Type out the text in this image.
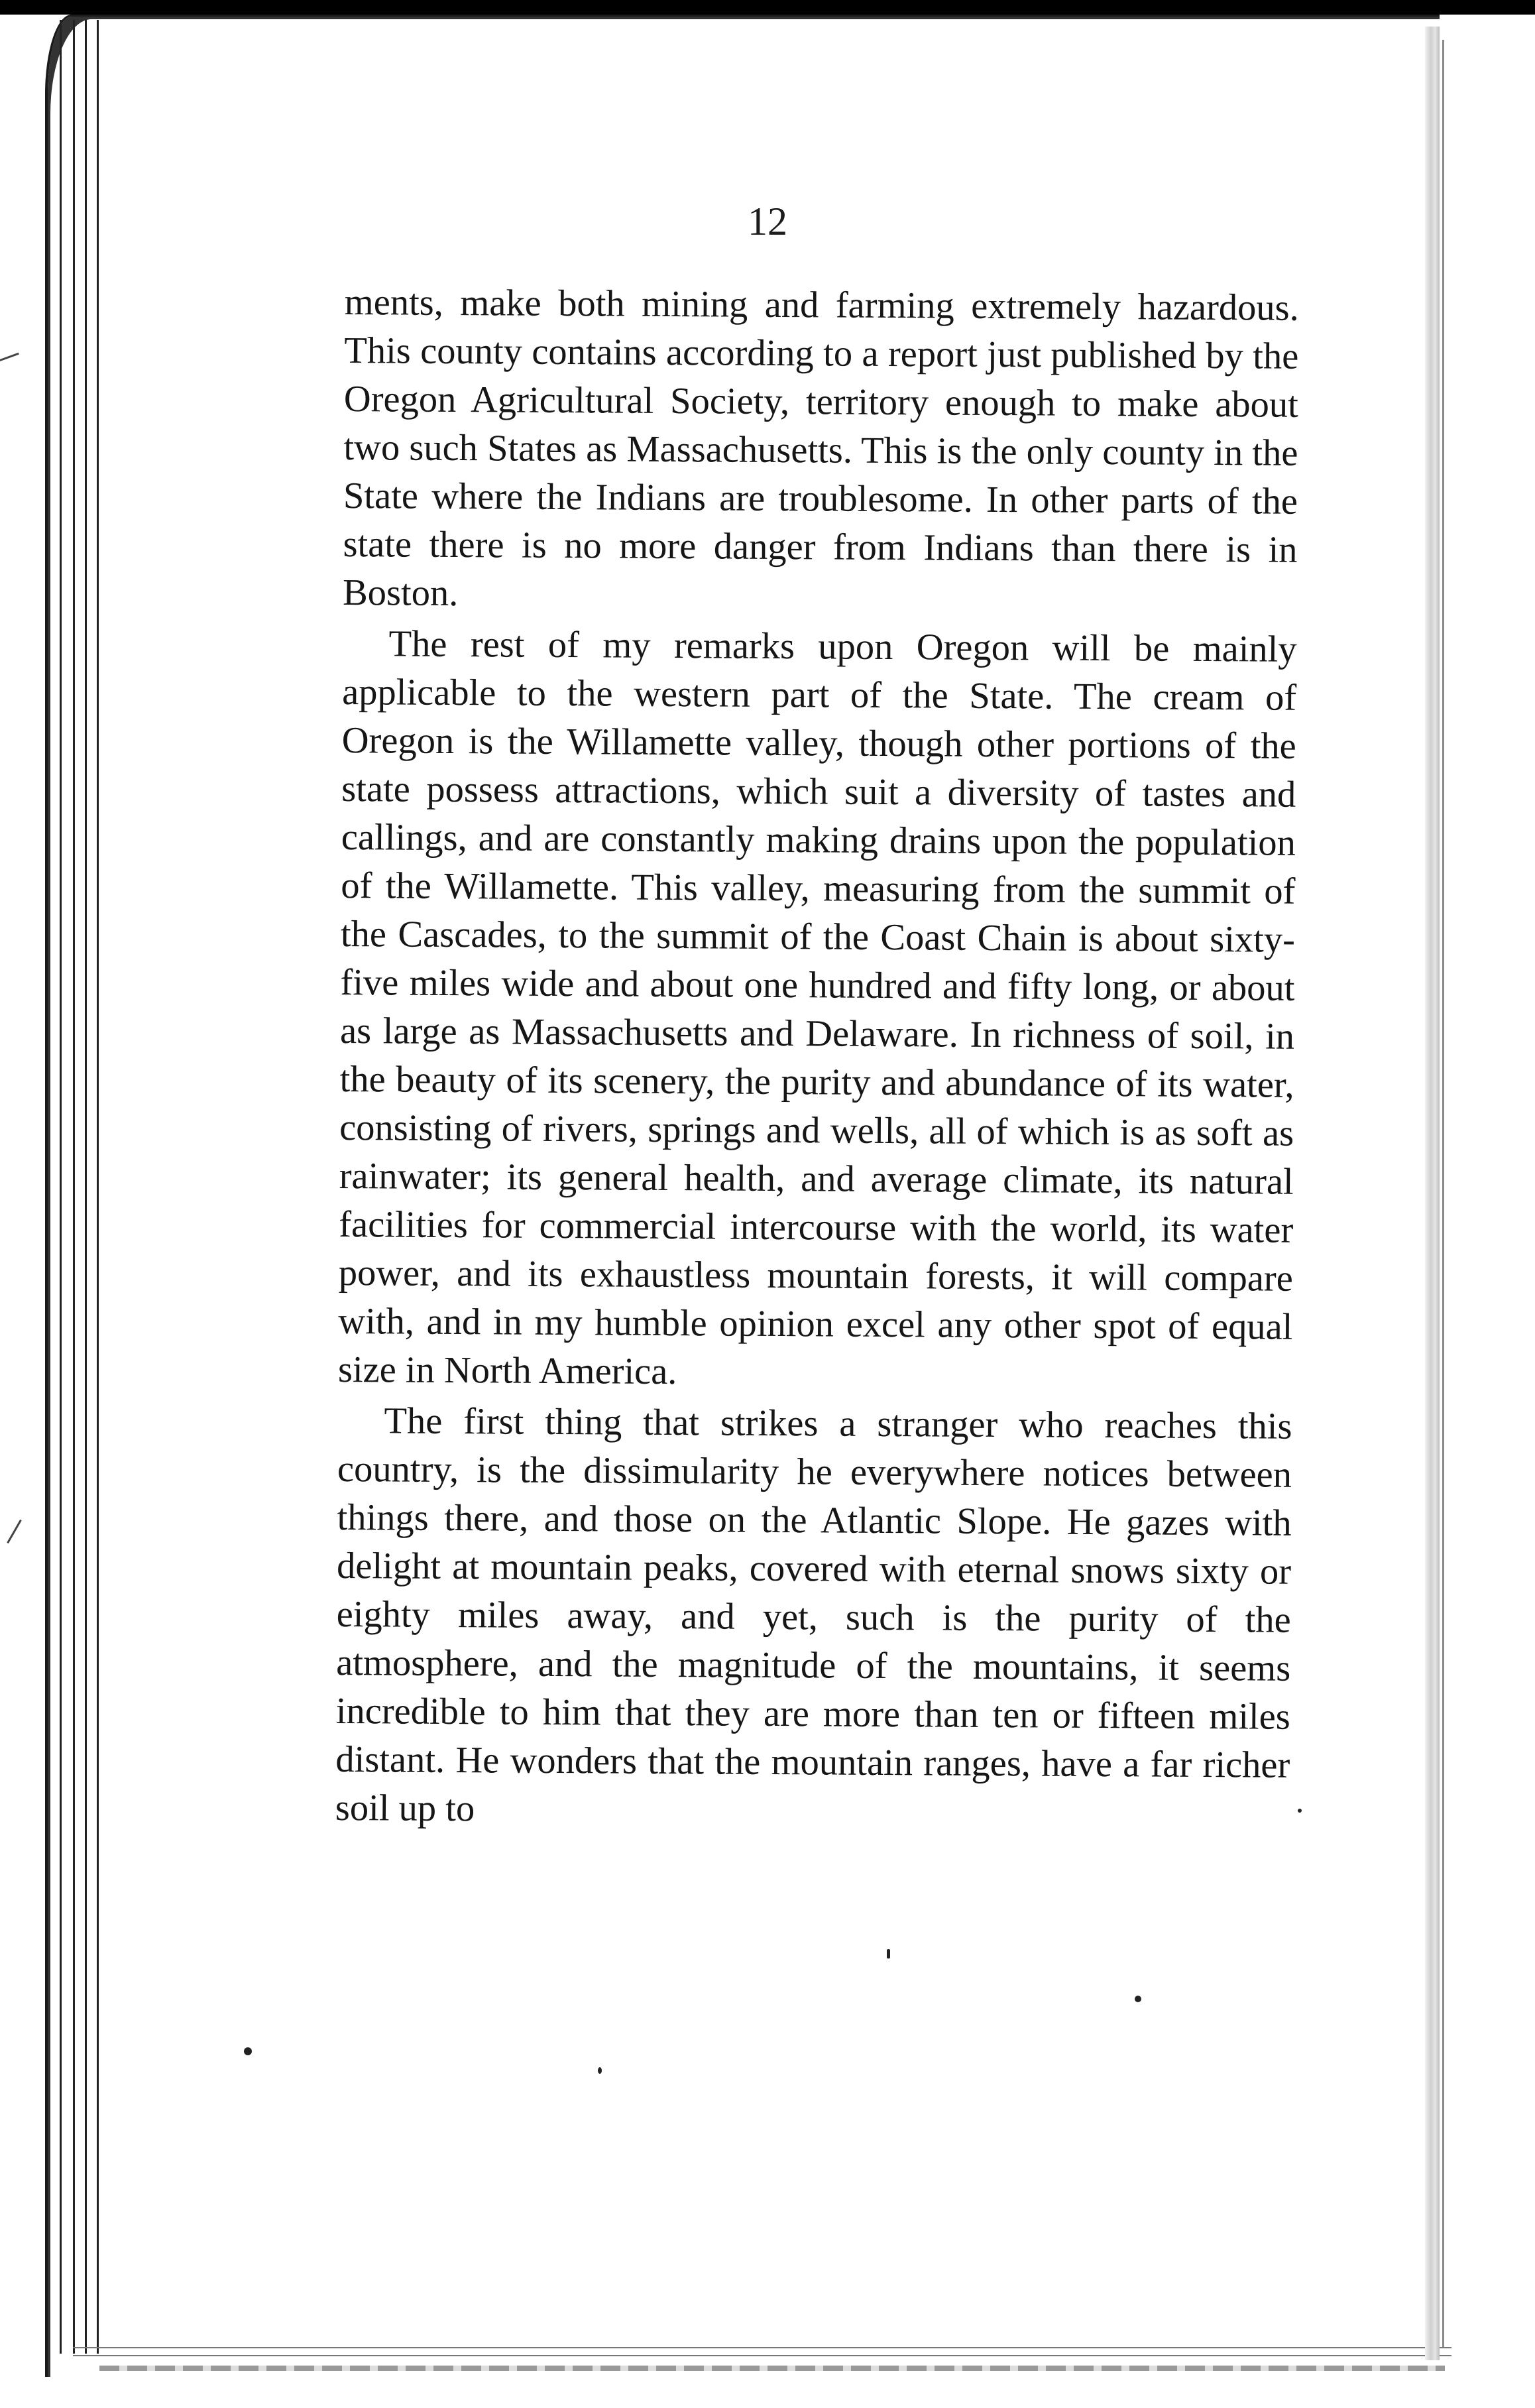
12

ments, make both mining and farming extremely hazardous. This county contains according to a report just published by the Oregon Agricultural Society, territory enough to make about two such States as Massachusetts. This is the only county in the State where the Indians are troublesome. In other parts of the state there is no more danger from Indians than there is in Boston.

The rest of my remarks upon Oregon will be mainly applicable to the western part of the State. The cream of Oregon is the Willamette valley, though other portions of the state possess attractions, which suit a diversity of tastes and callings, and are constantly making drains upon the population of the Willamette. This valley, measuring from the summit of the Cascades, to the summit of the Coast Chain is about sixty-five miles wide and about one hundred and fifty long, or about as large as Massachusetts and Delaware. In richness of soil, in the beauty of its scenery, the purity and abundance of its water, consisting of rivers, springs and wells, all of which is as soft as rainwater; its general health, and average climate, its natural facilities for commercial intercourse with the world, its water power, and its exhaustless mountain forests, it will compare with, and in my humble opinion excel any other spot of equal size in North America.

The first thing that strikes a stranger who reaches this country, is the dissimularity he everywhere notices between things there, and those on the Atlantic Slope. He gazes with delight at mountain peaks, covered with eternal snows sixty or eighty miles away, and yet, such is the purity of the atmosphere, and the magnitude of the mountains, it seems incredible to him that they are more than ten or fifteen miles distant. He wonders that the mountain ranges, have a far richer soil up to
